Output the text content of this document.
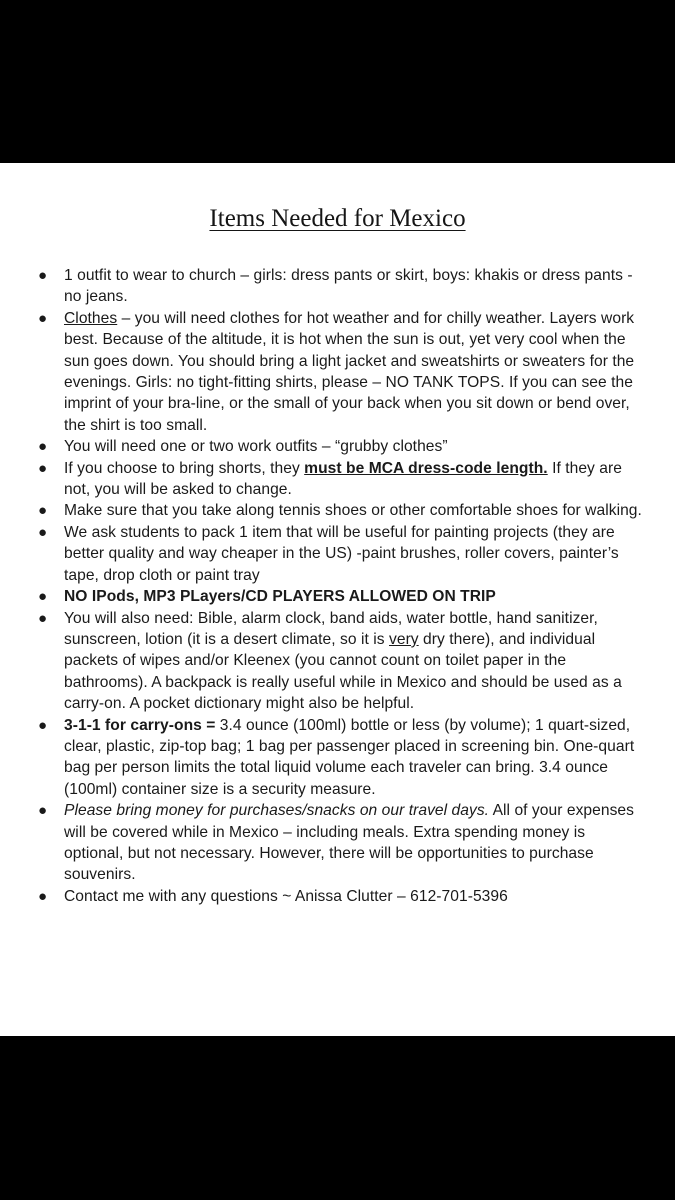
Items Needed for Mexico
● 1 outfit to wear to church – girls: dress pants or skirt, boys: khakis or dress pants - no jeans.
● Clothes – you will need clothes for hot weather and for chilly weather. Layers work best. Because of the altitude, it is hot when the sun is out, yet very cool when the sun goes down. You should bring a light jacket and sweatshirts or sweaters for the evenings. Girls: no tight-fitting shirts, please – NO TANK TOPS. If you can see the imprint of your bra-line, or the small of your back when you sit down or bend over, the shirt is too small.
● You will need one or two work outfits – “grubby clothes”
● If you choose to bring shorts, they must be MCA dress-code length. If they are not, you will be asked to change.
● Make sure that you take along tennis shoes or other comfortable shoes for walking.
● We ask students to pack 1 item that will be useful for painting projects (they are better quality and way cheaper in the US) -paint brushes, roller covers, painter’s tape, drop cloth or paint tray
● NO IPods, MP3 PLayers/CD PLAYERS ALLOWED ON TRIP
● You will also need: Bible, alarm clock, band aids, water bottle, hand sanitizer, sunscreen, lotion (it is a desert climate, so it is very dry there), and individual packets of wipes and/or Kleenex (you cannot count on toilet paper in the bathrooms). A backpack is really useful while in Mexico and should be used as a carry-on. A pocket dictionary might also be helpful.
● 3-1-1 for carry-ons = 3.4 ounce (100ml) bottle or less (by volume); 1 quart-sized, clear, plastic, zip-top bag; 1 bag per passenger placed in screening bin. One-quart bag per person limits the total liquid volume each traveler can bring. 3.4 ounce (100ml) container size is a security measure.
● Please bring money for purchases/snacks on our travel days. All of your expenses will be covered while in Mexico – including meals. Extra spending money is optional, but not necessary. However, there will be opportunities to purchase souvenirs.
● Contact me with any questions ~ Anissa Clutter – 612-701-5396
